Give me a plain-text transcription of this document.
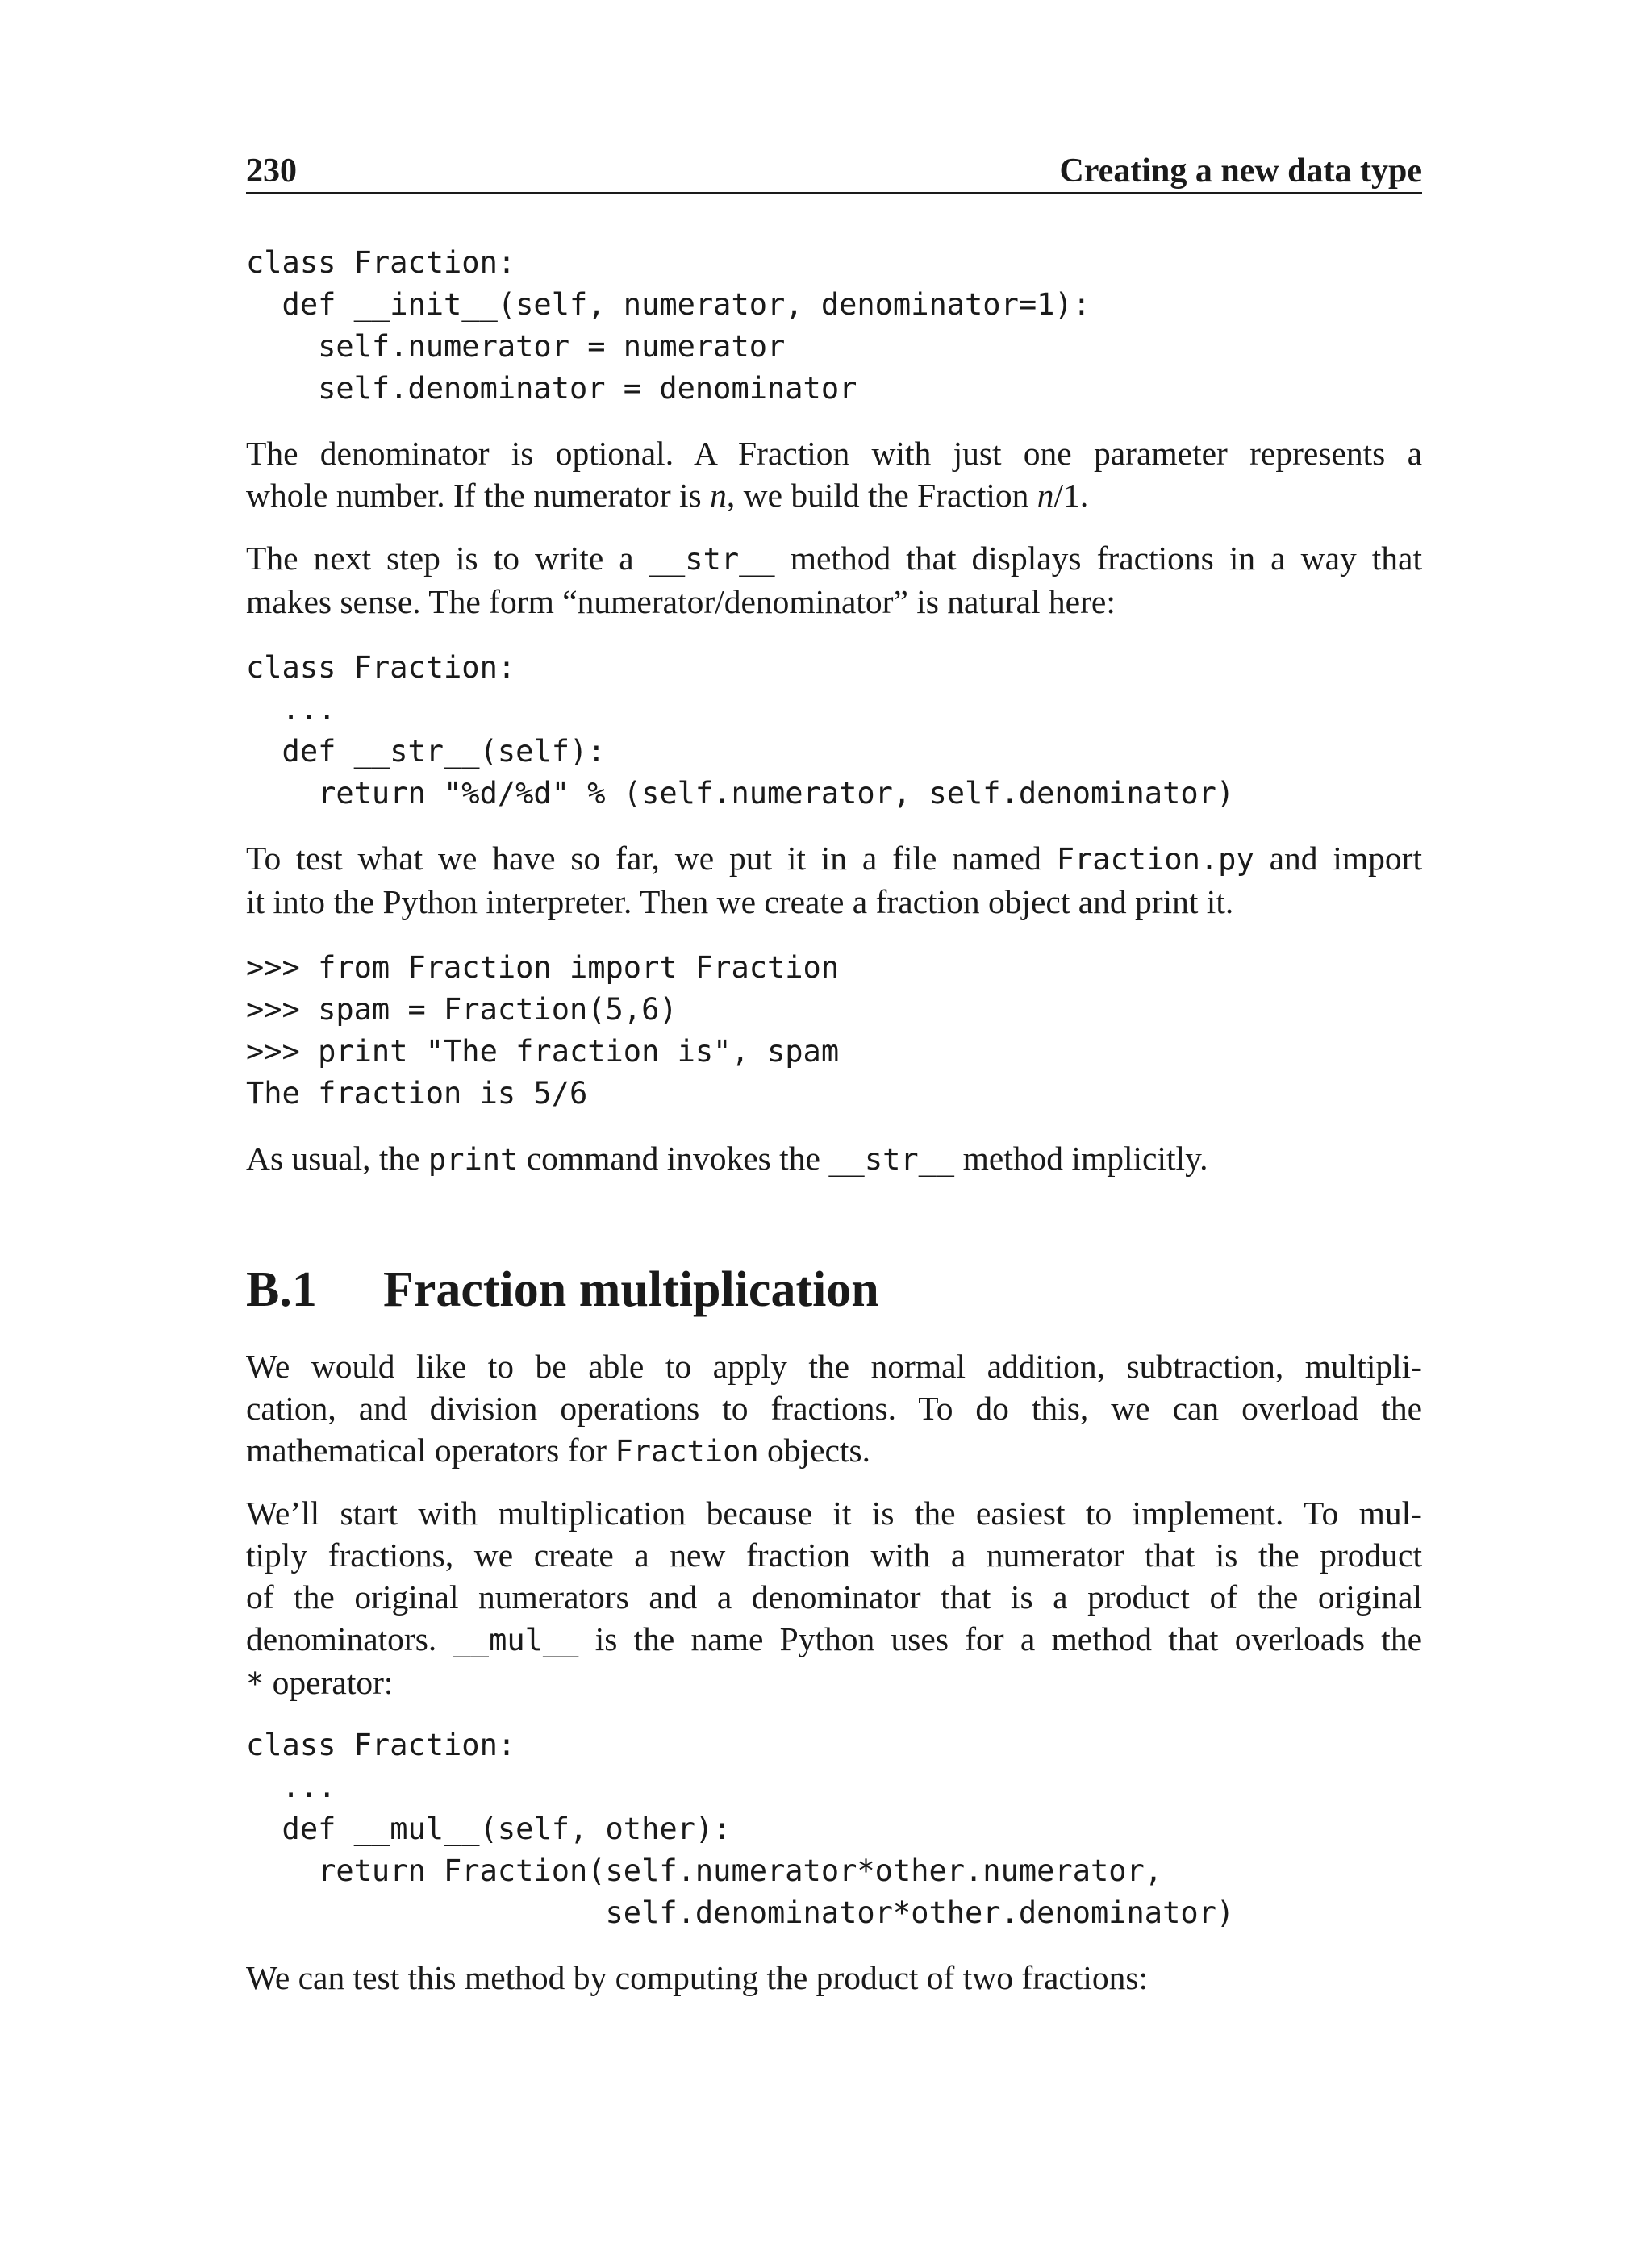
230	Creating a new data type
class Fraction:
def __init__(self, numerator, denominator=1):
self.numerator = numerator
self.denominator = denominator
The denominator is optional. A Fraction with just one parameter represents a
whole number. If the numerator is n, we build the Fraction n/1.
The next step is to write a __str__ method that displays fractions in a way that
makes sense. The form “numerator/denominator” is natural here:
class Fraction:
...
def __str__(self):
return "%d/%d" % (self.numerator, self.denominator)
To test what we have so far, we put it in a file named Fraction.py and import
it into the Python interpreter. Then we create a fraction object and print it.
>>> from Fraction import Fraction
>>> spam = Fraction(5,6)
>>> print "The fraction is", spam
The fraction is 5/6
As usual, the print command invokes the __str__ method implicitly.
B.1 Fraction multiplication
We would like to be able to apply the normal addition, subtraction, multipli-
cation, and division operations to fractions. To do this, we can overload the
mathematical operators for Fraction objects.
We’ll start with multiplication because it is the easiest to implement. To mul-
tiply fractions, we create a new fraction with a numerator that is the product
of the original numerators and a denominator that is a product of the original
denominators. __mul__ is the name Python uses for a method that overloads the
* operator:
class Fraction:
...
def __mul__(self, other):
return Fraction(self.numerator*other.numerator,
self.denominator*other.denominator)
We can test this method by computing the product of two fractions:
